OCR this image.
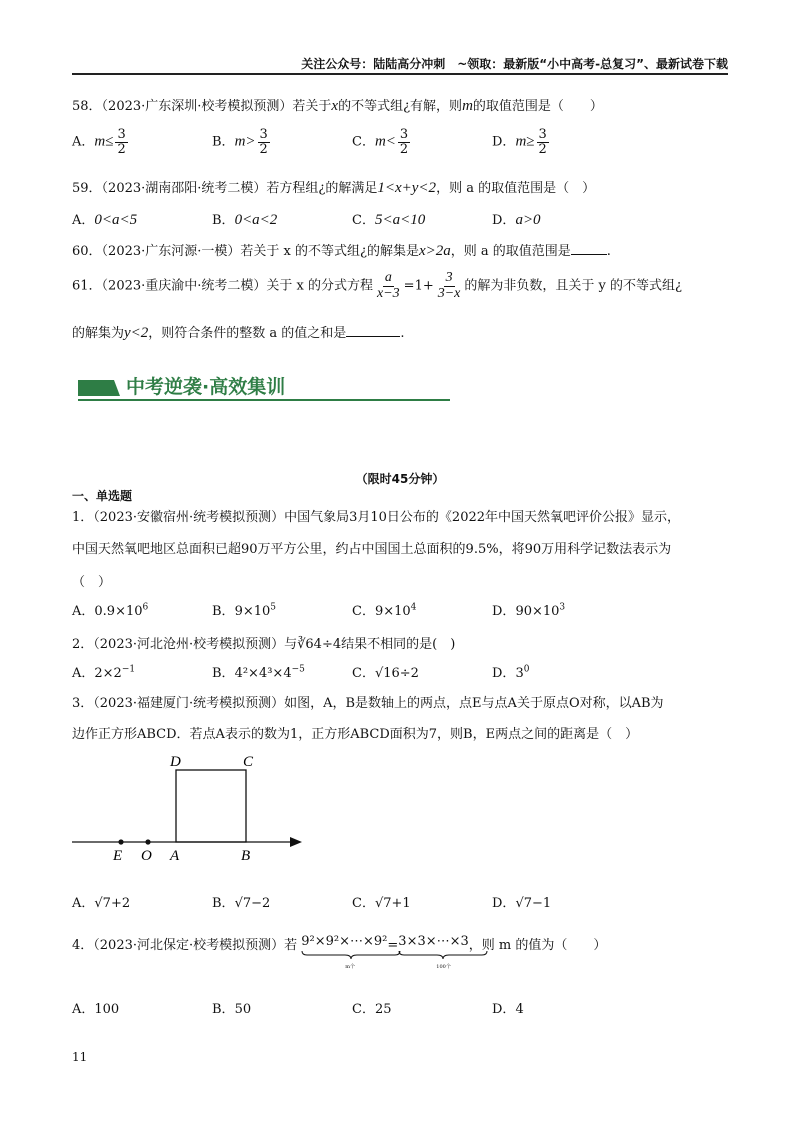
关注公众号：陆陆高分冲刺　~领取：最新版“小中高考-总复习”、最新试卷下载
58．（2023·广东深圳·校考模拟预测）若关于x的不等式组¿有解，则m的取值范围是（　　）
A．$m\le \frac{3}{2}$	B．$m> \frac{3}{2}$	C．$m< \frac{3}{2}$	D．$m\ge \frac{3}{2}$
59．（2023·湖南邵阳·统考二模）若方程组¿的解满足1<x+y<2，则 a 的取值范围是（　）
A．0<a<5	B．0<a<2	C．5<a<10	D．a>0
60．（2023·广东河源·一模）若关于 x 的不等式组¿的解集是x>2a，则 a 的取值范围是	.
61．（2023·重庆渝中·统考二模）关于 x 的分式方程 $\frac{a}{x-3} =1+ \frac{3}{3-x}$ 的解为非负数，且关于 y 的不等式组¿
的解集为y<2，则符合条件的整数 a 的值之和是	.
中考逆袭·高效集训
（限时45分钟）
一、单选题
1．（2023·安徽宿州·统考模拟预测）中国气象局3月10日公布的《2022年中国天然氧吧评价公报》显示，
中国天然氧吧地区总面积已超90万平方公里，约占中国国土总面积的9.5%，将90万用科学记数法表示为
（　）
A．$0.9\times 10^6$	B．$9\times 10^5$	C．$9\times 10^4$	D．$90\times 10^3$
2．（2023·河北沧州·校考模拟预测）与∛64÷4结果不相同的是(　)
A．$2\times 2^{-1}$	B．$4^2\times 4^3\times 4^{-5}$	C．√16÷2	D．$3^0$
3．（2023·福建厦门·统考模拟预测）如图，A，B是数轴上的两点，点E与点A关于原点O对称，以AB为
边作正方形ABCD．若点A表示的数为1，正方形ABCD面积为7，则B，E两点之间的距离是（　）
D	C
E O A	B
A．√7+2	B．√7−2	C．√7+1	D．√7−1
4．（2023·河北保定·校考模拟预测）若 9²×9²×⋯×9²
m个
=3×3×⋯×3
100个
，则 m 的值为（　　）
A．100	B．50	C．25	D．4
11
